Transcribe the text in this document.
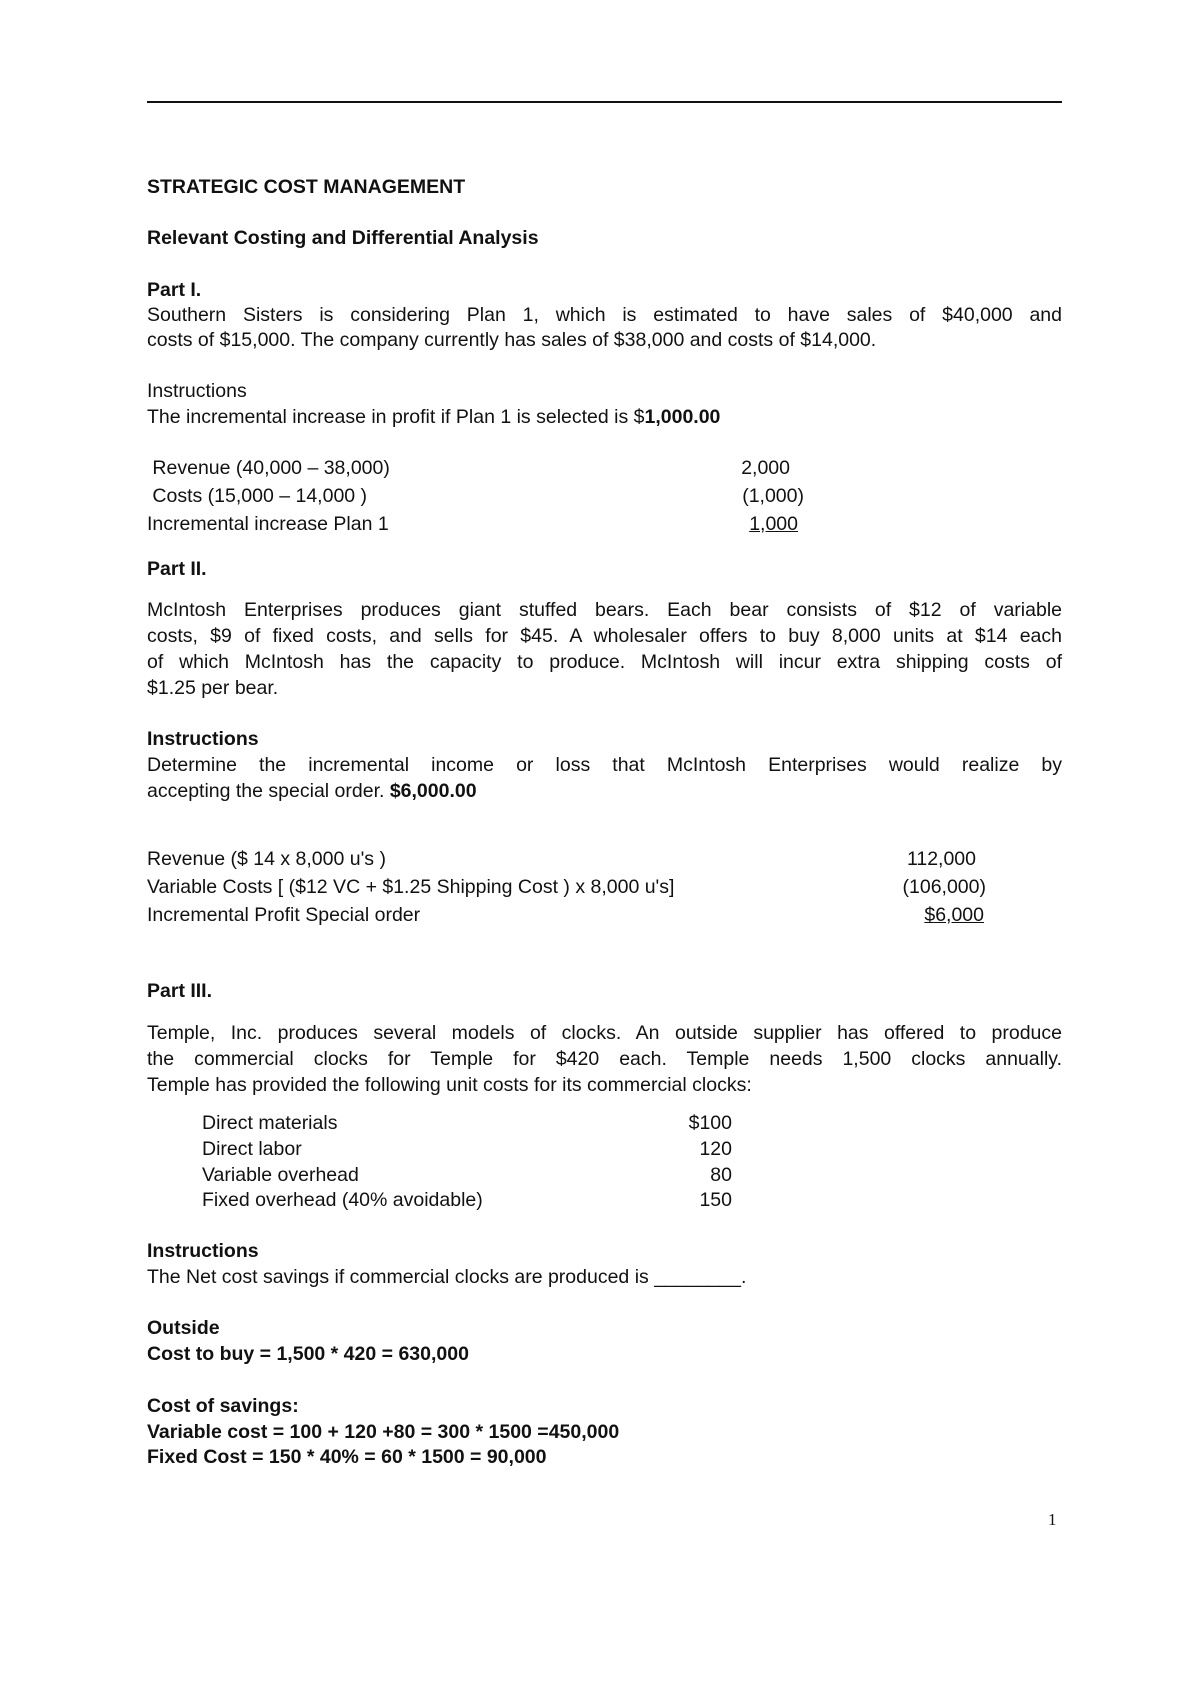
STRATEGIC COST MANAGEMENT
Relevant Costing and Differential Analysis
Part I.
Southern Sisters is considering Plan 1, which is estimated to have sales of $40,000 and
costs of $15,000. The company currently has sales of $38,000 and costs of $14,000.
Instructions
The incremental increase in profit if Plan 1 is selected is $1,000.00
Revenue (40,000 – 38,000)	2,000
Costs (15,000 – 14,000 )	(1,000)
Incremental increase Plan 1	1,000
Part II.
McIntosh Enterprises produces giant stuffed bears. Each bear consists of $12 of variable
costs, $9 of fixed costs, and sells for $45. A wholesaler offers to buy 8,000 units at $14 each
of which McIntosh has the capacity to produce. McIntosh will incur extra shipping costs of
$1.25 per bear.
Instructions
Determine the incremental income or loss that McIntosh Enterprises would realize by
accepting the special order. $6,000.00
Revenue ($ 14 x 8,000 u's )	112,000
Variable Costs [ ($12 VC + $1.25 Shipping Cost ) x 8,000 u's]	(106,000)
Incremental Profit Special order	$6,000
Part III.
Temple, Inc. produces several models of clocks. An outside supplier has offered to produce
the commercial clocks for Temple for $420 each. Temple needs 1,500 clocks annually.
Temple has provided the following unit costs for its commercial clocks:
Direct materials	$100
Direct labor	120
Variable overhead	80
Fixed overhead (40% avoidable)	150
Instructions
The Net cost savings if commercial clocks are produced is ________.
Outside
Cost to buy = 1,500 * 420 = 630,000
Cost of savings:
Variable cost = 100 + 120 +80 = 300 * 1500 =450,000
Fixed Cost = 150 * 40% = 60 * 1500 = 90,000
1
